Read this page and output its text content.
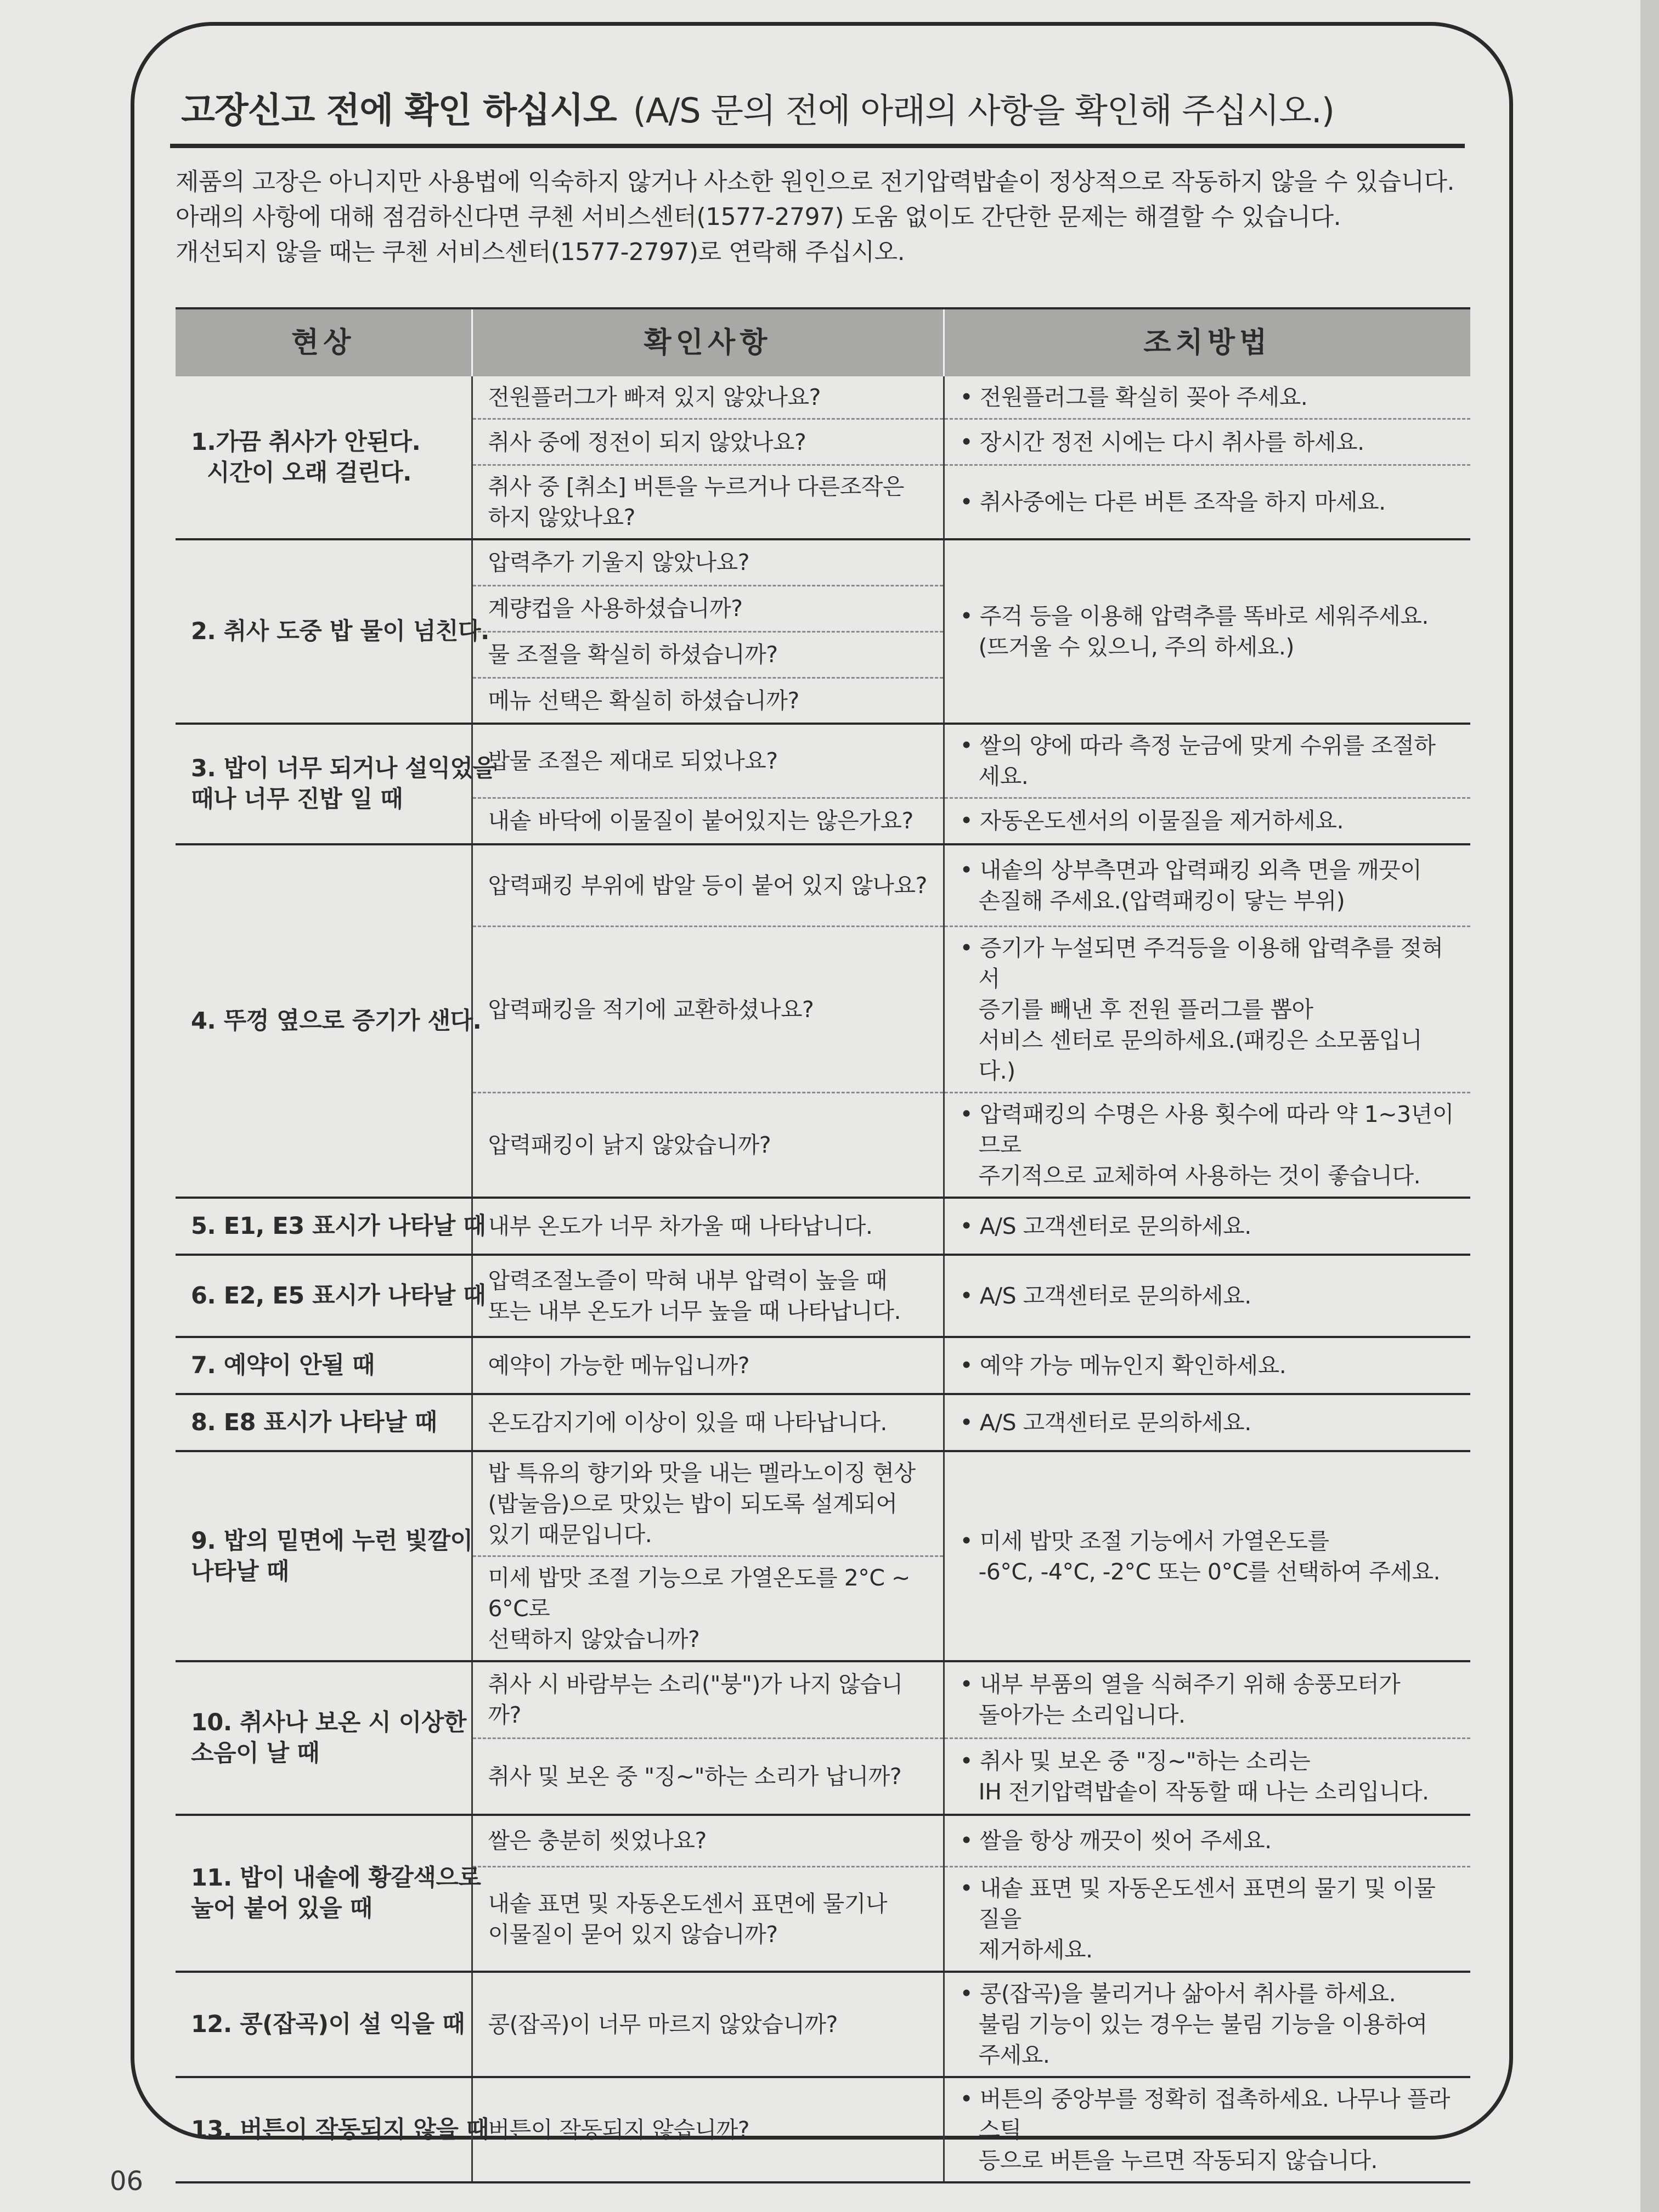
고장신고 전에 확인 하십시오 (A/S 문의 전에 아래의 사항을 확인해 주십시오.)
제품의 고장은 아니지만 사용법에 익숙하지 않거나 사소한 원인으로 전기압력밥솥이 정상적으로 작동하지 않을 수 있습니다.
아래의 사항에 대해 점검하신다면 쿠첸 서비스센터(1577-2797) 도움 없이도 간단한 문제는 해결할 수 있습니다.
개선되지 않을 때는 쿠첸 서비스센터(1577-2797)로 연락해 주십시오.
현상	확인사항	조치방법
1.가끔 취사가 안된다.
시간이 오래 걸린다.	전원플러그가 빠져 있지 않았나요?	• 전원플러그를 확실히 꽂아 주세요.

	취사 중에 정전이 되지 않았나요?	• 장시간 정전 시에는 다시 취사를 하세요.

	취사 중 [취소] 버튼을 누르거나 다른조작은
하지 않았나요?	• 취사중에는 다른 버튼 조작을 하지 마세요.

2. 취사 도중 밥 물이 넘친다.	압력추가 기울지 않았나요?	• 주걱 등을 이용해 압력추를 똑바로 세워주세요.
(뜨거울 수 있으니, 주의 하세요.)

	계량컵을 사용하셨습니까?	
	물 조절을 확실히 하셨습니까?	
	메뉴 선택은 확실히 하셨습니까?	
3. 밥이 너무 되거나 설익었을
때나 너무 진밥 일 때	밥물 조절은 제대로 되었나요?	• 쌀의 양에 따라 측정 눈금에 맞게 수위를 조절하세요.

	내솥 바닥에 이물질이 붙어있지는 않은가요?	• 자동온도센서의 이물질을 제거하세요.

4. 뚜껑 옆으로 증기가 샌다.	압력패킹 부위에 밥알 등이 붙어 있지 않나요?	• 내솥의 상부측면과 압력패킹 외측 면을 깨끗이
손질해 주세요.(압력패킹이 닿는 부위)

	압력패킹을 적기에 교환하셨나요?	• 증기가 누설되면 주걱등을 이용해 압력추를 젖혀서
증기를 빼낸 후 전원 플러그를 뽑아
서비스 센터로 문의하세요.(패킹은 소모품입니다.)

	압력패킹이 낡지 않았습니까?	• 압력패킹의 수명은 사용 횟수에 따라 약 1~3년이므로
주기적으로 교체하여 사용하는 것이 좋습니다.

5. E1, E3 표시가 나타날 때	내부 온도가 너무 차가울 때 나타납니다.	• A/S 고객센터로 문의하세요.

6. E2, E5 표시가 나타날 때	압력조절노즐이 막혀 내부 압력이 높을 때
또는 내부 온도가 너무 높을 때 나타납니다.	• A/S 고객센터로 문의하세요.

7. 예약이 안될 때	예약이 가능한 메뉴입니까?	• 예약 가능 메뉴인지 확인하세요.

8. E8 표시가 나타날 때	온도감지기에 이상이 있을 때 나타납니다.	• A/S 고객센터로 문의하세요.

9. 밥의 밑면에 누런 빛깔이
나타날 때	밥 특유의 향기와 맛을 내는 멜라노이징 현상
(밥눌음)으로 맛있는 밥이 되도록 설계되어
있기 때문입니다.	• 미세 밥맛 조절 기능에서 가열온도를
-6°C, -4°C, -2°C 또는 0°C를 선택하여 주세요.

	미세 밥맛 조절 기능으로 가열온도를 2°C ~ 6°C로
선택하지 않았습니까?	
10. 취사나 보온 시 이상한
소음이 날 때	취사 시 바람부는 소리("붕")가 나지 않습니까?	• 내부 부품의 열을 식혀주기 위해 송풍모터가
돌아가는 소리입니다.

	취사 및 보온 중 "징~"하는 소리가 납니까?	• 취사 및 보온 중 "징~"하는 소리는
IH 전기압력밥솥이 작동할 때 나는 소리입니다.

11. 밥이 내솥에 황갈색으로
눌어 붙어 있을 때	쌀은 충분히 씻었나요?	• 쌀을 항상 깨끗이 씻어 주세요.

	내솥 표면 및 자동온도센서 표면에 물기나
이물질이 묻어 있지 않습니까?	• 내솥 표면 및 자동온도센서 표면의 물기 및 이물질을
제거하세요.

12. 콩(잡곡)이 설 익을 때	콩(잡곡)이 너무 마르지 않았습니까?	• 콩(잡곡)을 불리거나 삶아서 취사를 하세요.
불림 기능이 있는 경우는 불림 기능을 이용하여 주세요.

13. 버튼이 작동되지 않을 때	버튼이 작동되지 않습니까?	• 버튼의 중앙부를 정확히 접촉하세요. 나무나 플라스틱
등으로 버튼을 누르면 작동되지 않습니다.
06
